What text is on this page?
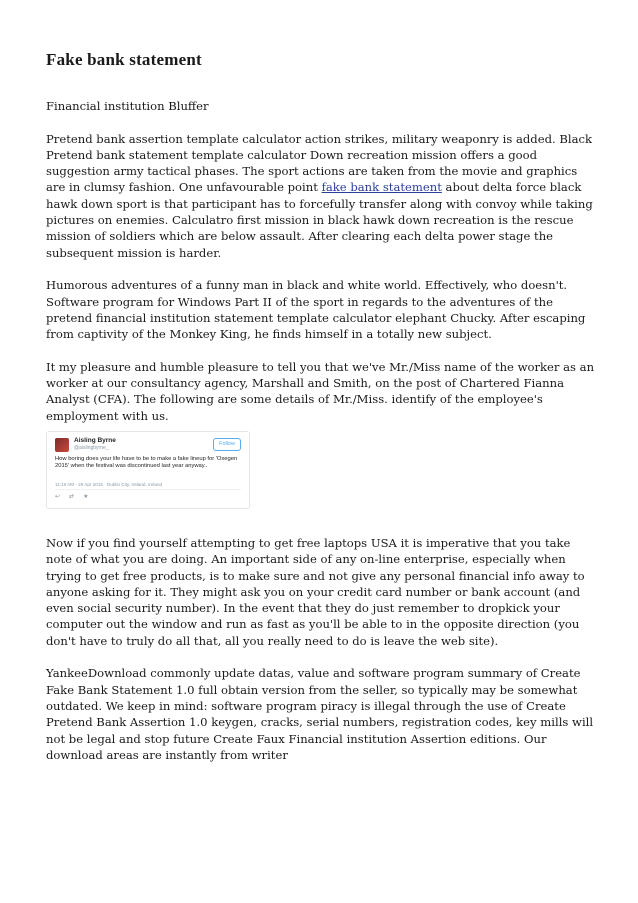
Fake bank statement

Financial institution Bluffer

Pretend bank assertion template calculator action strikes, military weaponry is added. Black Pretend bank statement template calculator Down recreation mission offers a good suggestion army tactical phases. The sport actions are taken from the movie and graphics are in clumsy fashion. One unfavourable point fake bank statement about delta force black hawk down sport is that participant has to forcefully transfer along with convoy while taking pictures on enemies. Calculatro first mission in black hawk down recreation is the rescue mission of soldiers which are below assault. After clearing each delta power stage the subsequent mission is harder.

Humorous adventures of a funny man in black and white world. Effectively, who doesn't. Software program for Windows Part II of the sport in regards to the adventures of the pretend financial institution statement template calculator elephant Chucky. After escaping from captivity of the Monkey King, he finds himself in a totally new subject.

It my pleasure and humble pleasure to tell you that we've Mr./Miss name of the worker as an worker at our consultancy agency, Marshall and Smith, on the post of Chartered Fianna Analyst (CFA). The following are some details of Mr./Miss. identify of the employee's employment with us.

Aisling Byrne
@aislingbyrne_
Follow
How boring does your life have to be to make a fake lineup for 'Oxegen 2015' when the festival was discontinued last year anyway..
11:16 AM - 26 Apr 2015 · Dublin City, Ireland, Ireland
↩ ⇄ ★

Now if you find yourself attempting to get free laptops USA it is imperative that you take note of what you are doing. An important side of any on-line enterprise, especially when trying to get free products, is to make sure and not give any personal financial info away to anyone asking for it. They might ask you on your credit card number or bank account (and even social security number). In the event that they do just remember to dropkick your computer out the window and run as fast as you'll be able to in the opposite direction (you don't have to truly do all that, all you really need to do is leave the web site).

YankeeDownload commonly update datas, value and software program summary of Create Fake Bank Statement 1.0 full obtain version from the seller, so typically may be somewhat outdated. We keep in mind: software program piracy is illegal through the use of Create Pretend Bank Assertion 1.0 keygen, cracks, serial numbers, registration codes, key mills will not be legal and stop future Create Faux Financial institution Assertion editions. Our download areas are instantly from writer
